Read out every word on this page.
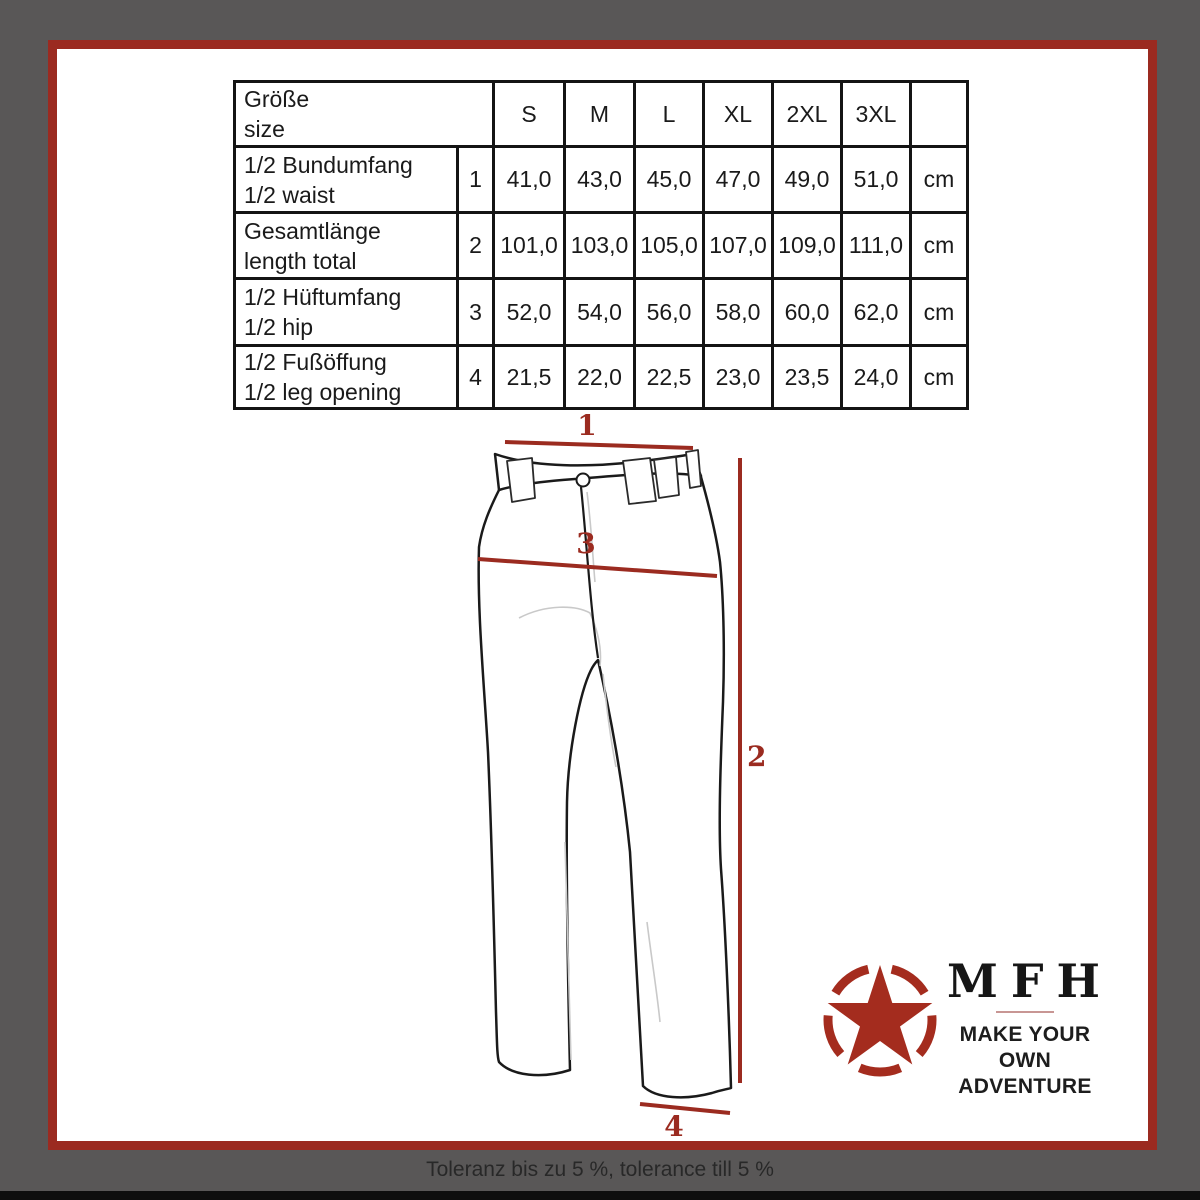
Größe
size		S	M	L	XL	2XL	3XL	

1/2 Bundumfang
1/2 waist	1	41,0	43,0	45,0	47,0	49,0	51,0	cm

Gesamtlänge
length total	2	101,0	103,0	105,0	107,0	109,0	111,0	cm

1/2 Hüftumfang
1/2 hip	3	52,0	54,0	56,0	58,0	60,0	62,0	cm

1/2 Fußöffung
1/2 leg opening	4	21,5	22,0	22,5	23,0	23,5	24,0	cm
1
3
2
4
MFH
MAKE YOUR OWN
ADVENTURE
Toleranz bis zu 5 %, tolerance till 5 %
